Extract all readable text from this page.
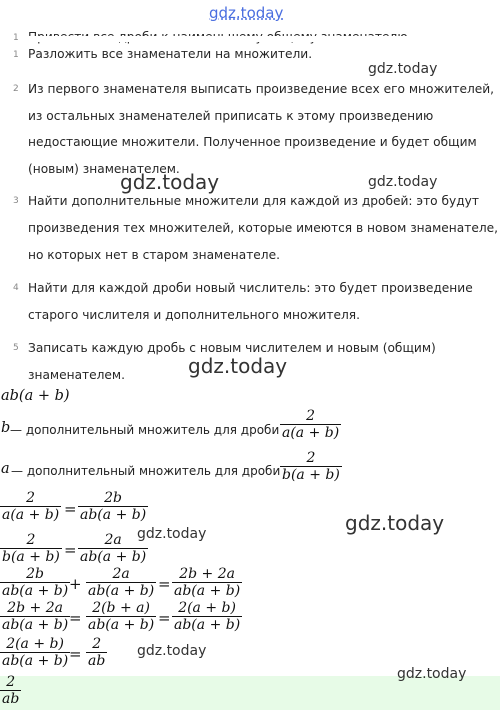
gdz.today
1
1 Разложить все знаменатели на множители.
2 Из первого знаменателя выписать произведение всех его множителей, из остальных знаменателей приписать к этому произведению недостающие множители. Полученное произведение и будет общим (новым) знаменателем.
3 Найти дополнительные множители для каждой из дробей: это будут произведения тех множителей, которые имеются в новом знаменателе, но которых нет в старом знаменателе.
4 Найти для каждой дроби новый числитель: это будет произведение старого числителя и дополнительного множителя.
5 Записать каждую дробь с новым числителем и новым (общим) знаменателем.
gdz.today
gdz.today	gdz.today
gdz.today
gdz.today
gdz.today
gdz.today
gdz.today
ab(a + b)
b — дополнительный множитель для дроби
2
a(a + b)
a — дополнительный множитель для дроби
2
b(a + b)
2
a(a + b) =
2b
ab(a + b)
2
b(a + b) =
2a
ab(a + b)
2b
ab(a + b) +
2a
ab(a + b) =
2b + 2a
ab(a + b)
2b + 2a
ab(a + b) =
2(b + a)
ab(a + b) =
2(a + b)
ab(a + b)
2(a + b)
ab(a + b) =
2
ab
2
ab
